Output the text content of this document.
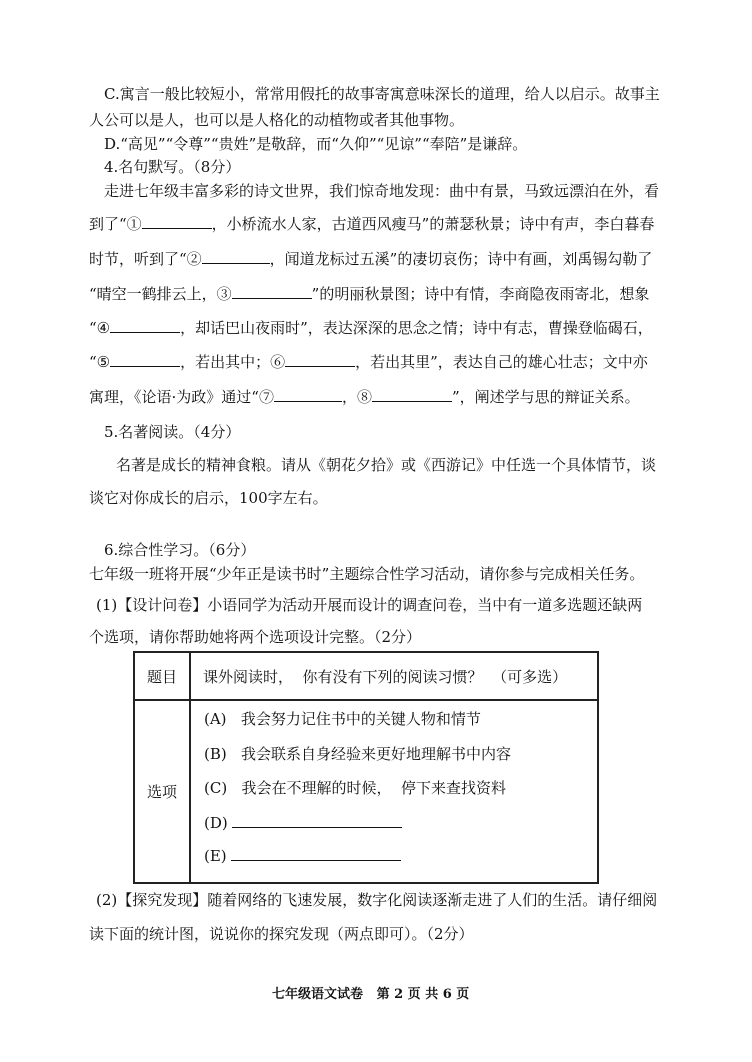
C.寓言一般比较短小，常常用假托的故事寄寓意味深长的道理，给人以启示。故事主
人公可以是人，也可以是人格化的动植物或者其他事物。
D.“高见”“令尊”“贵姓”是敬辞，而“久仰”“见谅”“奉陪”是谦辞。
4.名句默写。（8分）
走进七年级丰富多彩的诗文世界，我们惊奇地发现：曲中有景，马致远漂泊在外，看
到了“①	，小桥流水人家，古道西风瘦马”的萧瑟秋景；诗中有声，李白暮春
时节，听到了“②	，闻道龙标过五溪”的凄切哀伤；诗中有画，刘禹锡勾勒了
“晴空一鹤排云上，③	”的明丽秋景图；诗中有情，李商隐夜雨寄北，想象
“④	，却话巴山夜雨时”，表达深深的思念之情；诗中有志，曹操登临碣石，
“⑤	，若出其中；⑥	，若出其里”，表达自己的雄心壮志；文中亦
寓理，《论语·为政》通过“⑦	，⑧	”，阐述学与思的辩证关系。
5.名著阅读。（4分）
名著是成长的精神食粮。请从《朝花夕拾》或《西游记》中任选一个具体情节，谈
谈它对你成长的启示，100字左右。
6.综合性学习。（6分）
七年级一班将开展“少年正是读书时”主题综合性学习活动，请你参与完成相关任务。
(1)【设计问卷】小语同学为活动开展而设计的调查问卷，当中有一道多选题还缺两
个选项，请你帮助她将两个选项设计完整。（2分）
题目	课外阅读时，  你有没有下列的阅读习惯？  （可多选）
选项	(A)   我会努力记住书中的关键人物和情节
(B)   我会联系自身经验来更好地理解书中内容
(C)   我会在不理解的时候，  停下来查找资料
(D)
(E)
(2)【探究发现】随着网络的飞速发展，数字化阅读逐渐走进了人们的生活。请仔细阅
读下面的统计图，说说你的探究发现（两点即可）。（2分）
七年级语文试卷   第 2 页 共 6 页
